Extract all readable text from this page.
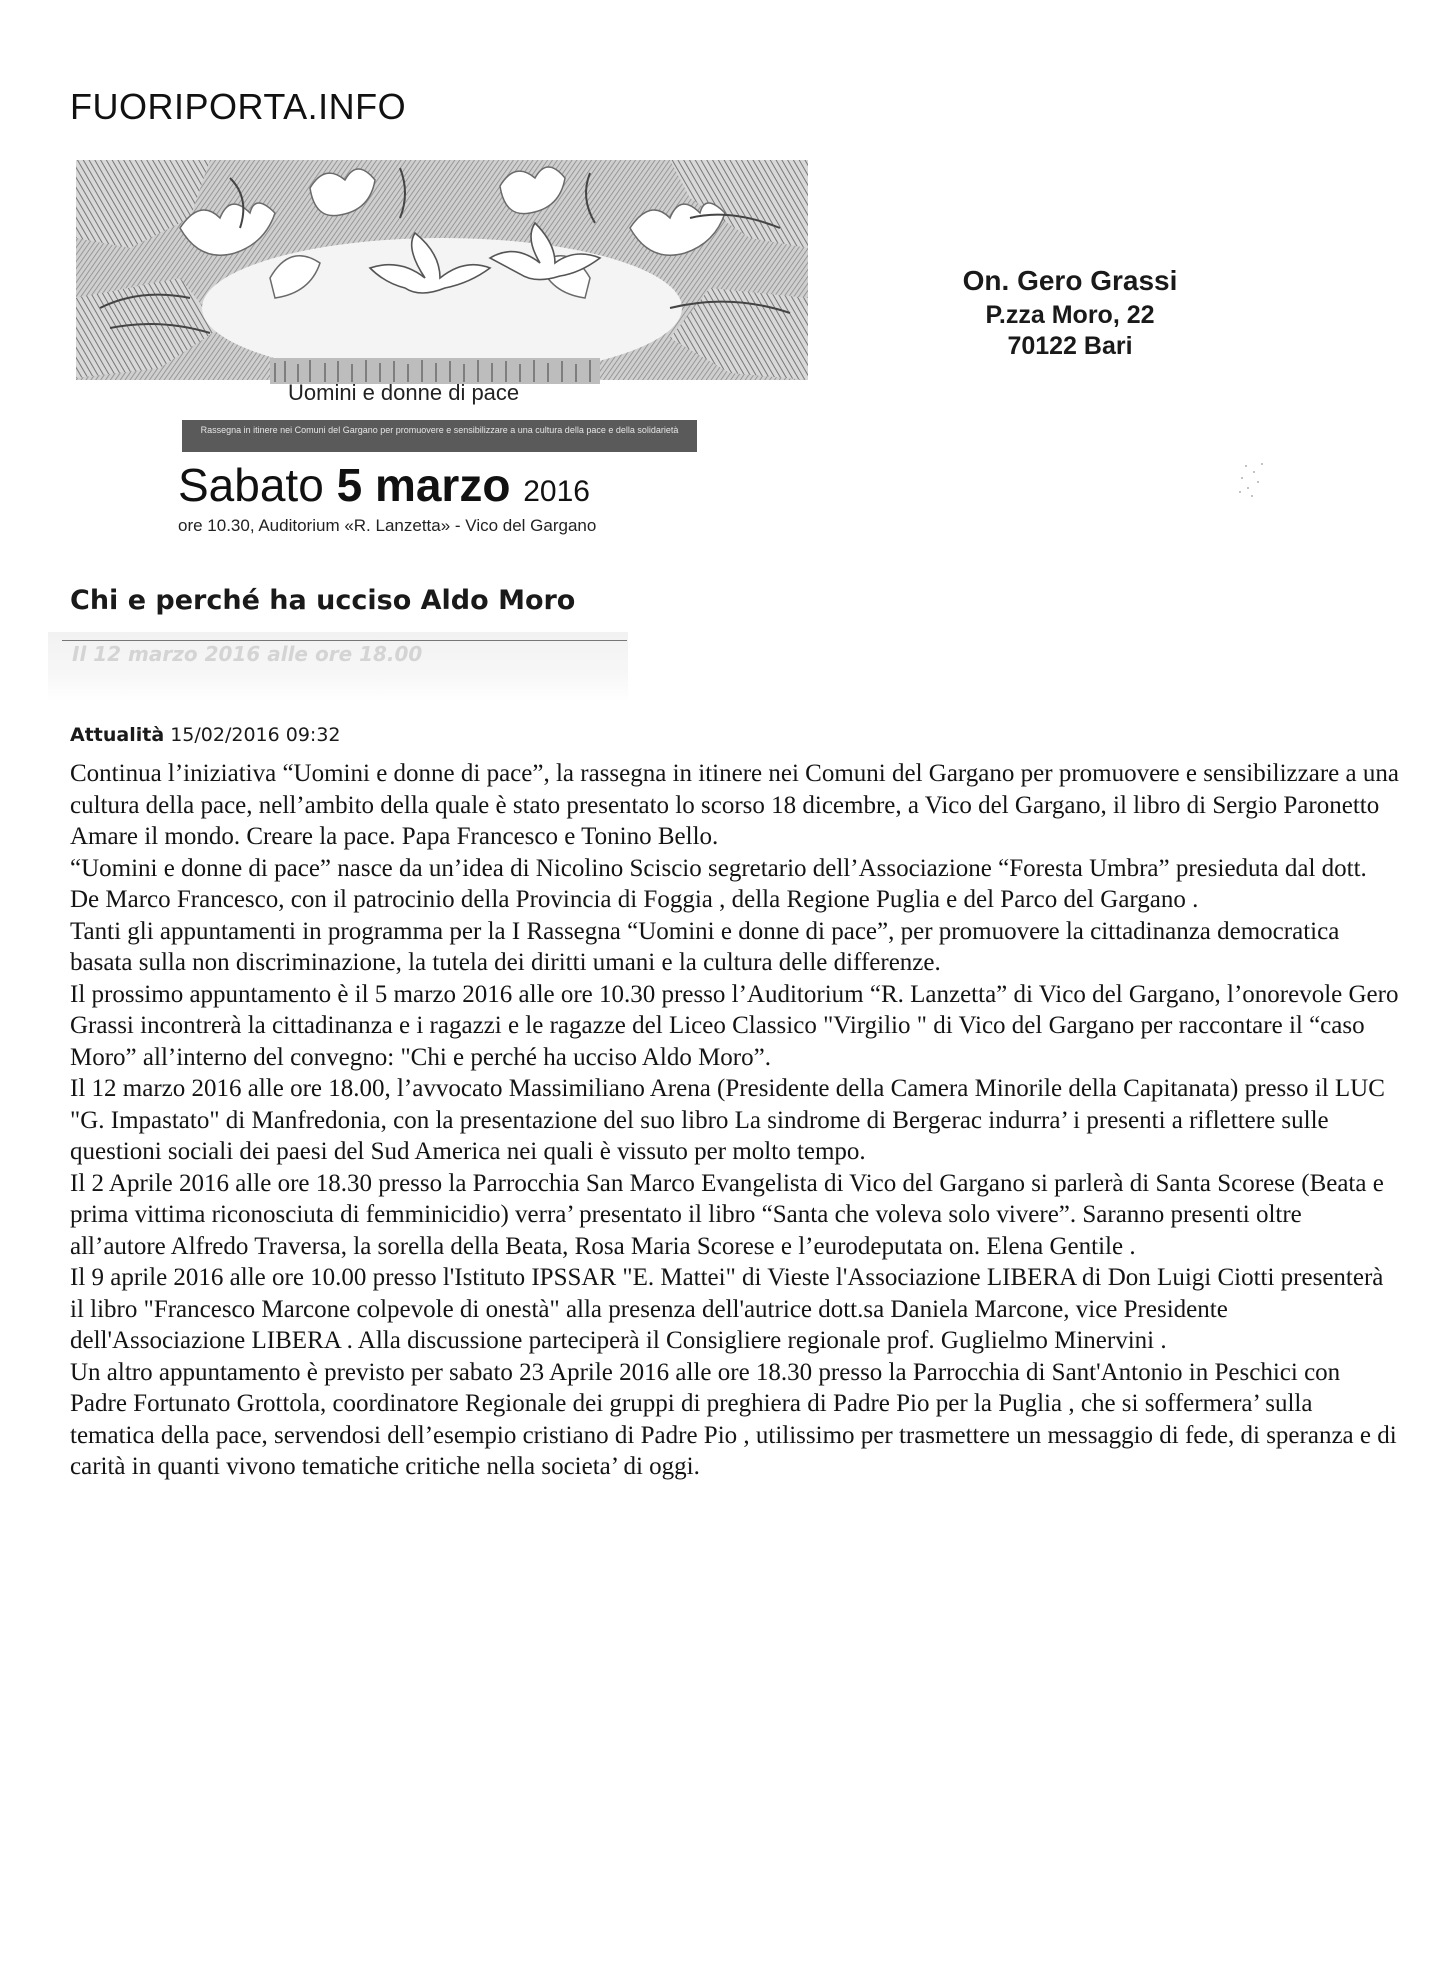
FUORIPORTA.INFO
Uomini e donne di pace
Rassegna in itinere nei Comuni del Gargano per promuovere e sensibilizzare a una cultura della pace e della solidarietà
Sabato 5 marzo 2016
ore 10.30, Auditorium «R. Lanzetta» - Vico del Gargano
On. Gero Grassi
P.zza Moro, 22
70122 Bari
Chi e perché ha ucciso Aldo Moro
Il 12 marzo 2016 alle ore 18.00
Attualità 15/02/2016 09:32

Continua l’iniziativa “Uomini e donne di pace”, la rassegna in itinere nei Comuni del Gargano per promuovere e sensibilizzare a una cultura della pace, nell’ambito della quale è stato presentato lo scorso 18 dicembre, a Vico del Gargano, il libro di Sergio Paronetto Amare il mondo. Creare la pace. Papa Francesco e Tonino Bello.

“Uomini e donne di pace” nasce da un’idea di Nicolino Sciscio segretario dell’Associazione “Foresta Umbra” presieduta dal dott. De Marco Francesco, con il patrocinio della Provincia di Foggia , della Regione Puglia e del Parco del Gargano .

Tanti gli appuntamenti in programma per la I Rassegna “Uomini e donne di pace”, per promuovere la cittadinanza democratica basata sulla non discriminazione, la tutela dei diritti umani e la cultura delle differenze.

Il prossimo appuntamento è il 5 marzo 2016 alle ore 10.30 presso l’Auditorium “R. Lanzetta” di Vico del Gargano, l’onorevole Gero Grassi incontrerà la cittadinanza e i ragazzi e le ragazze del Liceo Classico "Virgilio " di Vico del Gargano per raccontare il “caso Moro” all’interno del convegno: "Chi e perché ha ucciso Aldo Moro”.

Il 12 marzo 2016 alle ore 18.00, l’avvocato Massimiliano Arena (Presidente della Camera Minorile della Capitanata) presso il LUC "G. Impastato" di Manfredonia, con la presentazione del suo libro La sindrome di Bergerac indurra’ i presenti a riflettere sulle questioni sociali dei paesi del Sud America nei quali è vissuto per molto tempo.

Il 2 Aprile 2016 alle ore 18.30 presso la Parrocchia San Marco Evangelista di Vico del Gargano si parlerà di Santa Scorese (Beata e prima vittima riconosciuta di femminicidio) verra’ presentato il libro “Santa che voleva solo vivere”. Saranno presenti oltre all’autore Alfredo Traversa, la sorella della Beata, Rosa Maria Scorese e l’eurodeputata on. Elena Gentile .

Il 9 aprile 2016 alle ore 10.00 presso l'Istituto IPSSAR "E. Mattei" di Vieste l'Associazione LIBERA di Don Luigi Ciotti presenterà il libro "Francesco Marcone colpevole di onestà" alla presenza dell'autrice dott.sa Daniela Marcone, vice Presidente dell'Associazione LIBERA . Alla discussione parteciperà il Consigliere regionale prof. Guglielmo Minervini .

Un altro appuntamento è previsto per sabato 23 Aprile 2016 alle ore 18.30 presso la Parrocchia di Sant'Antonio in Peschici con Padre Fortunato Grottola, coordinatore Regionale dei gruppi di preghiera di Padre Pio per la Puglia , che si soffermera’ sulla tematica della pace, servendosi dell’esempio cristiano di Padre Pio , utilissimo per trasmettere un messaggio di fede, di speranza e di carità in quanti vivono tematiche critiche nella societa’ di oggi.
